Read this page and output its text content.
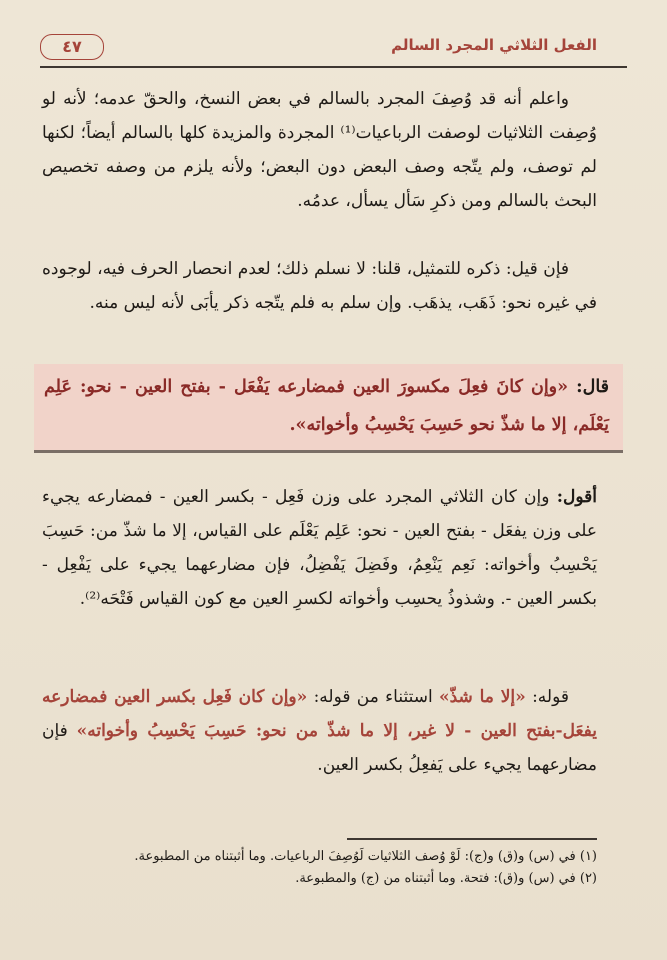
الفعل الثلاثي المجرد السالم
٤٧

واعلم أنه قد وُصِفَ المجرد بالسالم في بعض النسخ، والحقّ عدمه؛ لأنه لو وُصِفت الثلاثيات لوصفت الرباعيات⁽¹⁾ المجردة والمزيدة كلها بالسالم أيضاً؛ لكنها لم توصف، ولم يتّجه وصف البعض دون البعض؛ ولأنه يلزم من وصفه تخصيص البحث بالسالم ومن ذكرِ سَأل يسأل، عدمُه.

فإن قيل: ذكره للتمثيل، قلنا: لا نسلم ذلك؛ لعدم انحصار الحرف فيه، لوجوده في غيره نحو: ذَهَب، يذهَب. وإن سلم به فلم يتّجه ذكر يأبَى لأنه ليس منه.

قال: «وإن كانَ فعِلَ مكسورَ العين فمضارعه يَفْعَل - بفتح العين - نحو: عَلِم يَعْلَم، إلا ما شذّ نحو حَسِبَ يَحْسِبُ وأخواته».

أقول: وإن كان الثلاثي المجرد على وزن فَعِل - بكسر العين - فمضارعه يجيء على وزن يفعَل - بفتح العين - نحو: عَلِم يَعْلَم على القياس، إلا ما شذّ من: حَسِبَ يَحْسِبُ وأخواته: نَعِم يَنْعِمُ، وفَضِلَ يَفْضِلُ، فإن مضارعهما يجيء على يَفْعِل - بكسر العين -. وشذوذُ يحسِب وأخواته لكسرِ العين مع كون القياس فَتْحَه⁽²⁾.

قوله: «إلا ما شذّ» استثناء من قوله: «وإن كان فَعِل بكسر العين فمضارعه يفعَل-بفتح العين - لا غير، إلا ما شذّ من نحو: حَسِبَ يَحْسِبُ وأخواته» فإن مضارعهما يجيء على يَفعِلُ بكسر العين.

(١) في (س) و(ق) و(ج): لَوْ وُصف الثلاثيات لَوُصِفَ الرباعيات. وما أثبتناه من المطبوعة.
(٢) في (س) و(ق): فتحة. وما أثبتناه من (ج) والمطبوعة.
